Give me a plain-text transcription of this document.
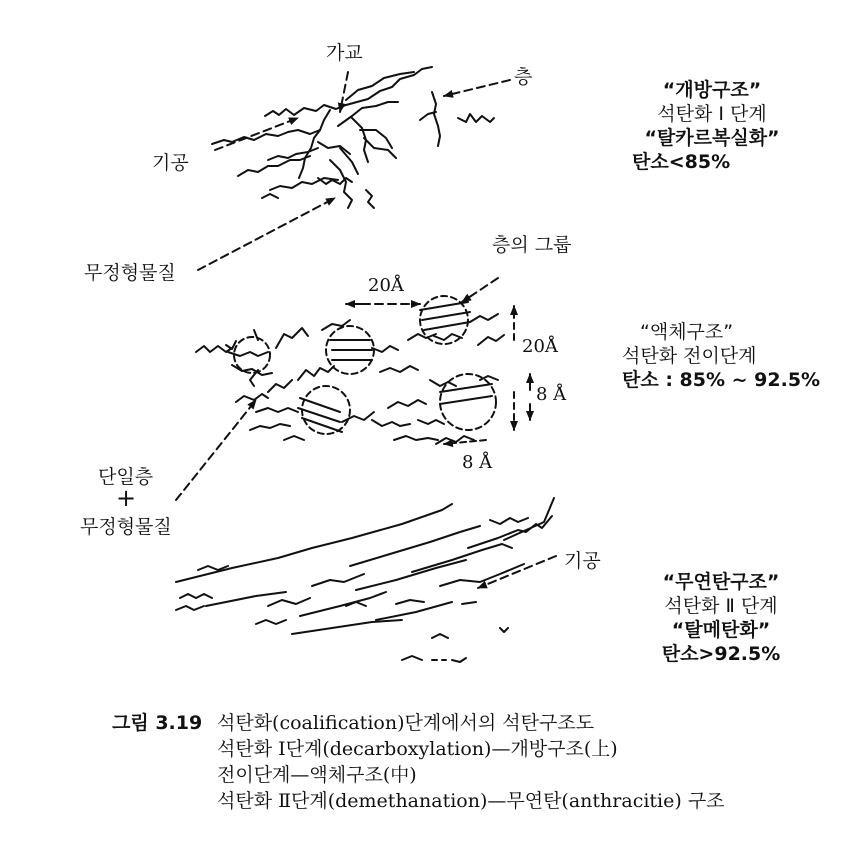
가교
층
기공
무정형물질
층의 그룹
20Å
20Å
8 Å
8 Å
단일층
+
무정형물질
기공
“개방구조”
석탄화 Ⅰ 단계
“탈카르복실화”
탄소<85%
“액체구조”
석탄화 전이단계
탄소 : 85% ~ 92.5%
“무연탄구조”
석탄화 Ⅱ 단계
“탈메탄화”
탄소>92.5%
그림 3.19 석탄화(coalification)단계에서의 석탄구조도
석탄화 Ⅰ단계(decarboxylation)—개방구조(上)
전이단계—액체구조(中)
석탄화 Ⅱ단계(demethanation)—무연탄(anthracitie) 구조
